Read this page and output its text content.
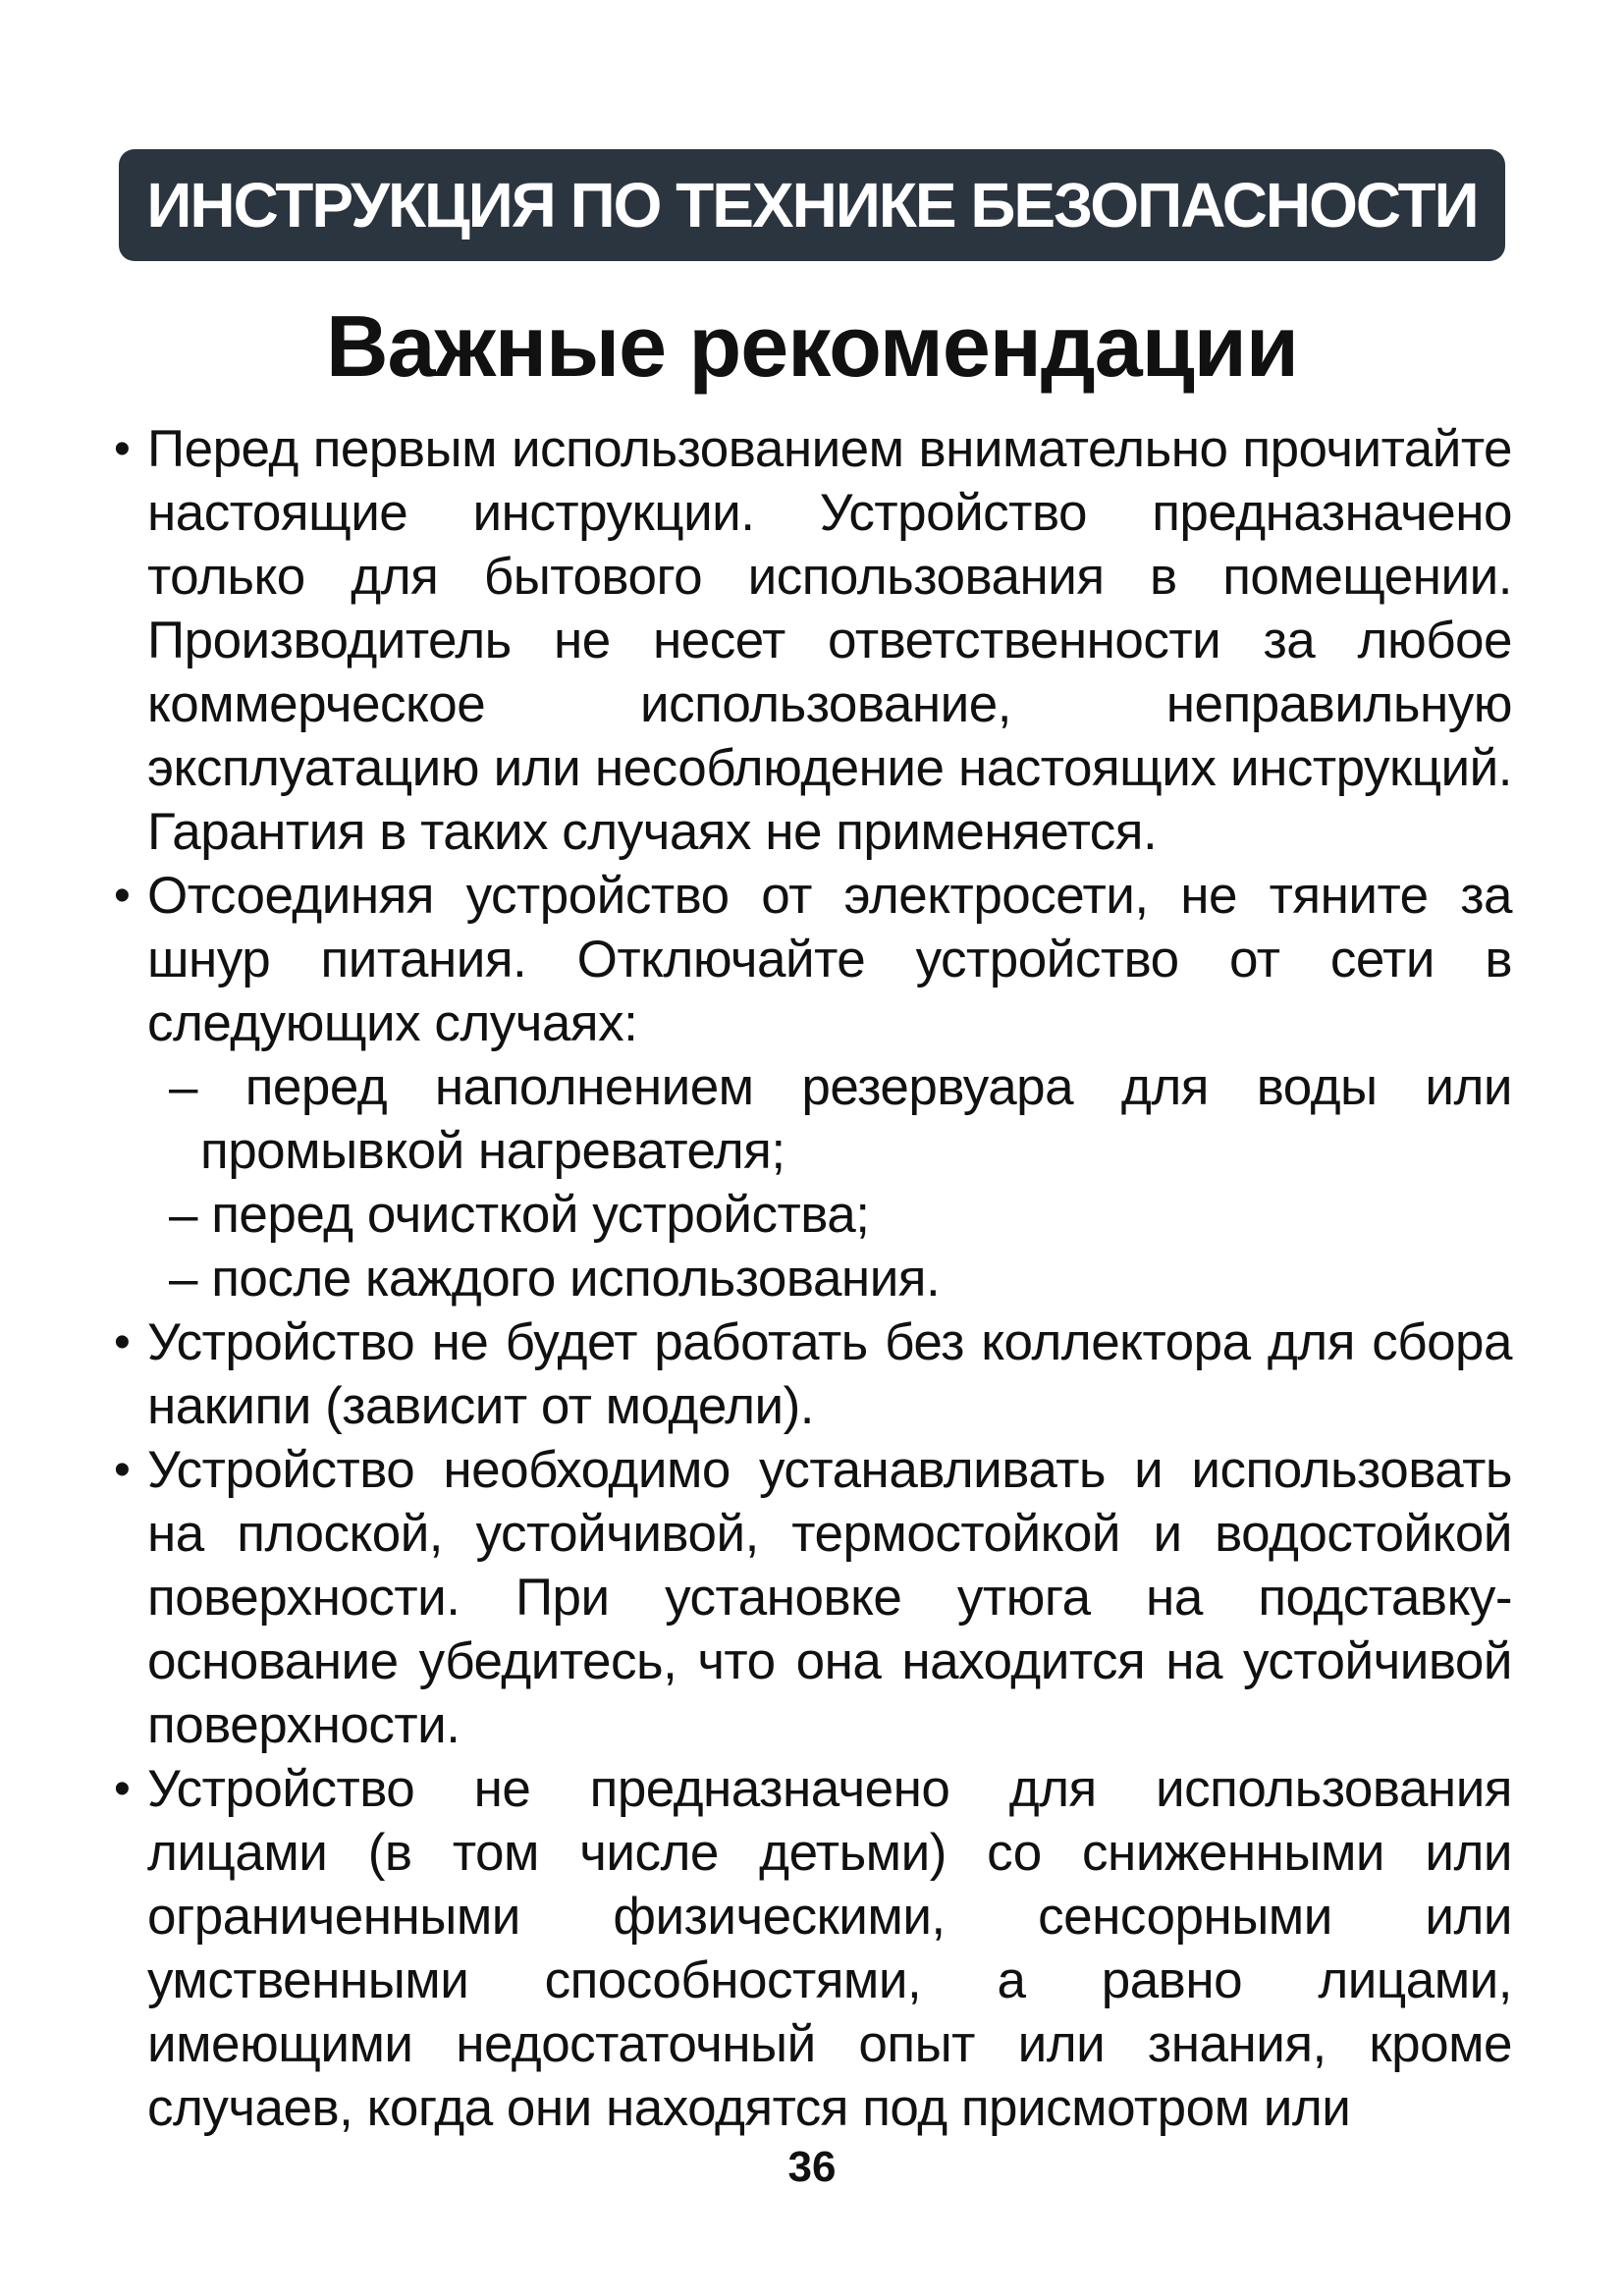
ИНСТРУКЦИЯ ПО ТЕХНИКЕ БЕЗОПАСНОСТИ
Важные рекомендации
• Перед первым использованием внимательно прочитайте настоящие инструкции. Устройство предназначено только для бытового использования в помещении. Производитель не несет ответственности за любое коммерческое использование, неправильную эксплуатацию или несоблюдение настоящих инструкций. Гарантия в таких случаях не применяется.
• Отсоединяя устройство от электросети, не тяните за шнур питания. Отключайте устройство от сети в следующих случаях:
– перед наполнением резервуара для воды или промывкой нагревателя;
– перед очисткой устройства;
– после каждого использования.
• Устройство не будет работать без коллектора для сбора накипи (зависит от модели).
• Устройство необходимо устанавливать и использовать на плоской, устойчивой, термостойкой и водостойкой поверхности. При установке утюга на подставку-основание убедитесь, что она находится на устойчивой поверхности.
• Устройство не предназначено для использования лицами (в том числе детьми) со сниженными или ограниченными физическими, сенсорными или умственными способностями, а равно лицами, имеющими недостаточный опыт или знания, кроме случаев, когда они находятся под присмотром или
36
